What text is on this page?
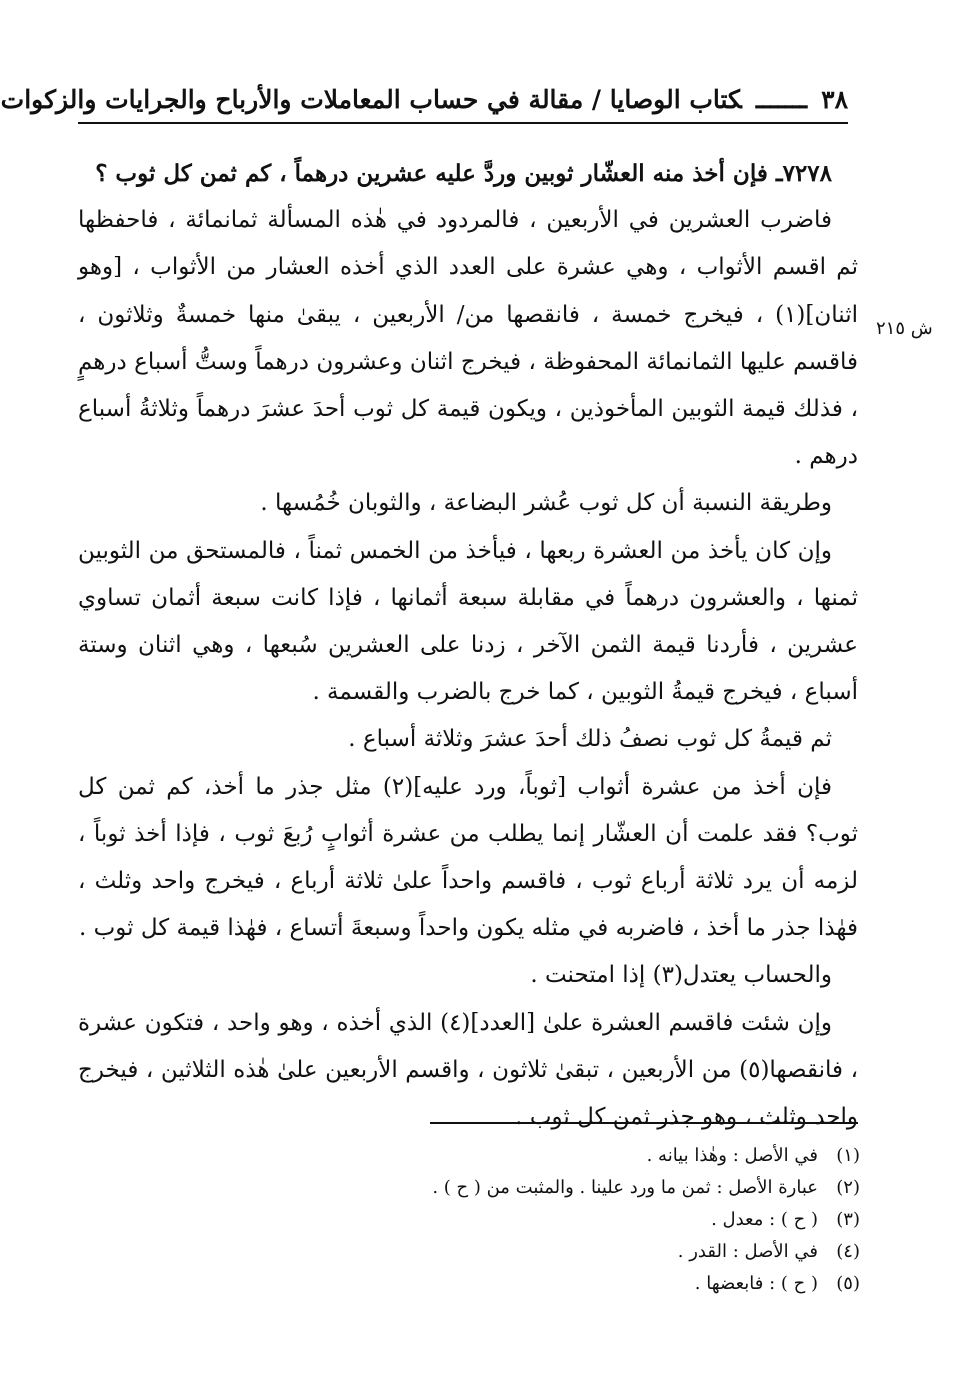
٣٨ـــــــكتاب الوصايا / مقالة في حساب المعاملات والأرباح والجرايات والزكوات
ش ٢١٥

٧٢٧٨ـ فإن أخذ منه العشّار ثوبين وردَّ عليه عشرين درهماً ، كم ثمن كل ثوب ؟

فاضرب العشرين في الأربعين ، فالمردود في هٰذه المسألة ثمانمائة ، فاحفظها ثم اقسم الأثواب ، وهي عشرة على العدد الذي أخذه العشار من الأثواب ، [وهو اثنان](١) ، فيخرج خمسة ، فانقصها من/ الأربعين ، يبقىٰ منها خمسةٌ وثلاثون ، فاقسم عليها الثمانمائة المحفوظة ، فيخرج اثنان وعشرون درهماً وستُّ أسباع درهمٍ ، فذلك قيمة الثوبين المأخوذين ، ويكون قيمة كل ثوب أحدَ عشرَ درهماً وثلاثةُ أسباع درهم .

وطريقة النسبة أن كل ثوب عُشر البضاعة ، والثوبان خُمُسها .

وإن كان يأخذ من العشرة ربعها ، فيأخذ من الخمس ثمناً ، فالمستحق من الثوبين ثمنها ، والعشرون درهماً في مقابلة سبعة أثمانها ، فإذا كانت سبعة أثمان تساوي عشرين ، فأردنا قيمة الثمن الآخر ، زدنا على العشرين سُبعها ، وهي اثنان وستة أسباع ، فيخرج قيمةُ الثوبين ، كما خرج بالضرب والقسمة .

ثم قيمةُ كل ثوب نصفُ ذلك أحدَ عشرَ وثلاثة أسباع .

فإن أخذ من عشرة أثواب [ثوباً، ورد عليه](٢) مثل جذر ما أخذ، كم ثمن كل ثوب؟ فقد علمت أن العشّار إنما يطلب من عشرة أثوابٍ رُبعَ ثوب ، فإذا أخذ ثوباً ، لزمه أن يرد ثلاثة أرباع ثوب ، فاقسم واحداً علىٰ ثلاثة أرباع ، فيخرج واحد وثلث ، فهٰذا جذر ما أخذ ، فاضربه في مثله يكون واحداً وسبعةَ أتساع ، فهٰذا قيمة كل ثوب .

والحساب يعتدل(٣) إذا امتحنت .

وإن شئت فاقسم العشرة علىٰ [العدد](٤) الذي أخذه ، وهو واحد ، فتكون عشرة ، فانقصها(٥) من الأربعين ، تبقىٰ ثلاثون ، واقسم الأربعين علىٰ هٰذه الثلاثين ، فيخرج واحد وثلث ، وهو جذر ثمن كل ثوب .

(١)في الأصل : وهٰذا بيانه .
(٢)عبارة الأصل : ثمن ما ورد علينا . والمثبت من ( ح ) .
(٣)( ح ) : معدل .
(٤)في الأصل : القدر .
(٥)( ح ) : فابعضها .
